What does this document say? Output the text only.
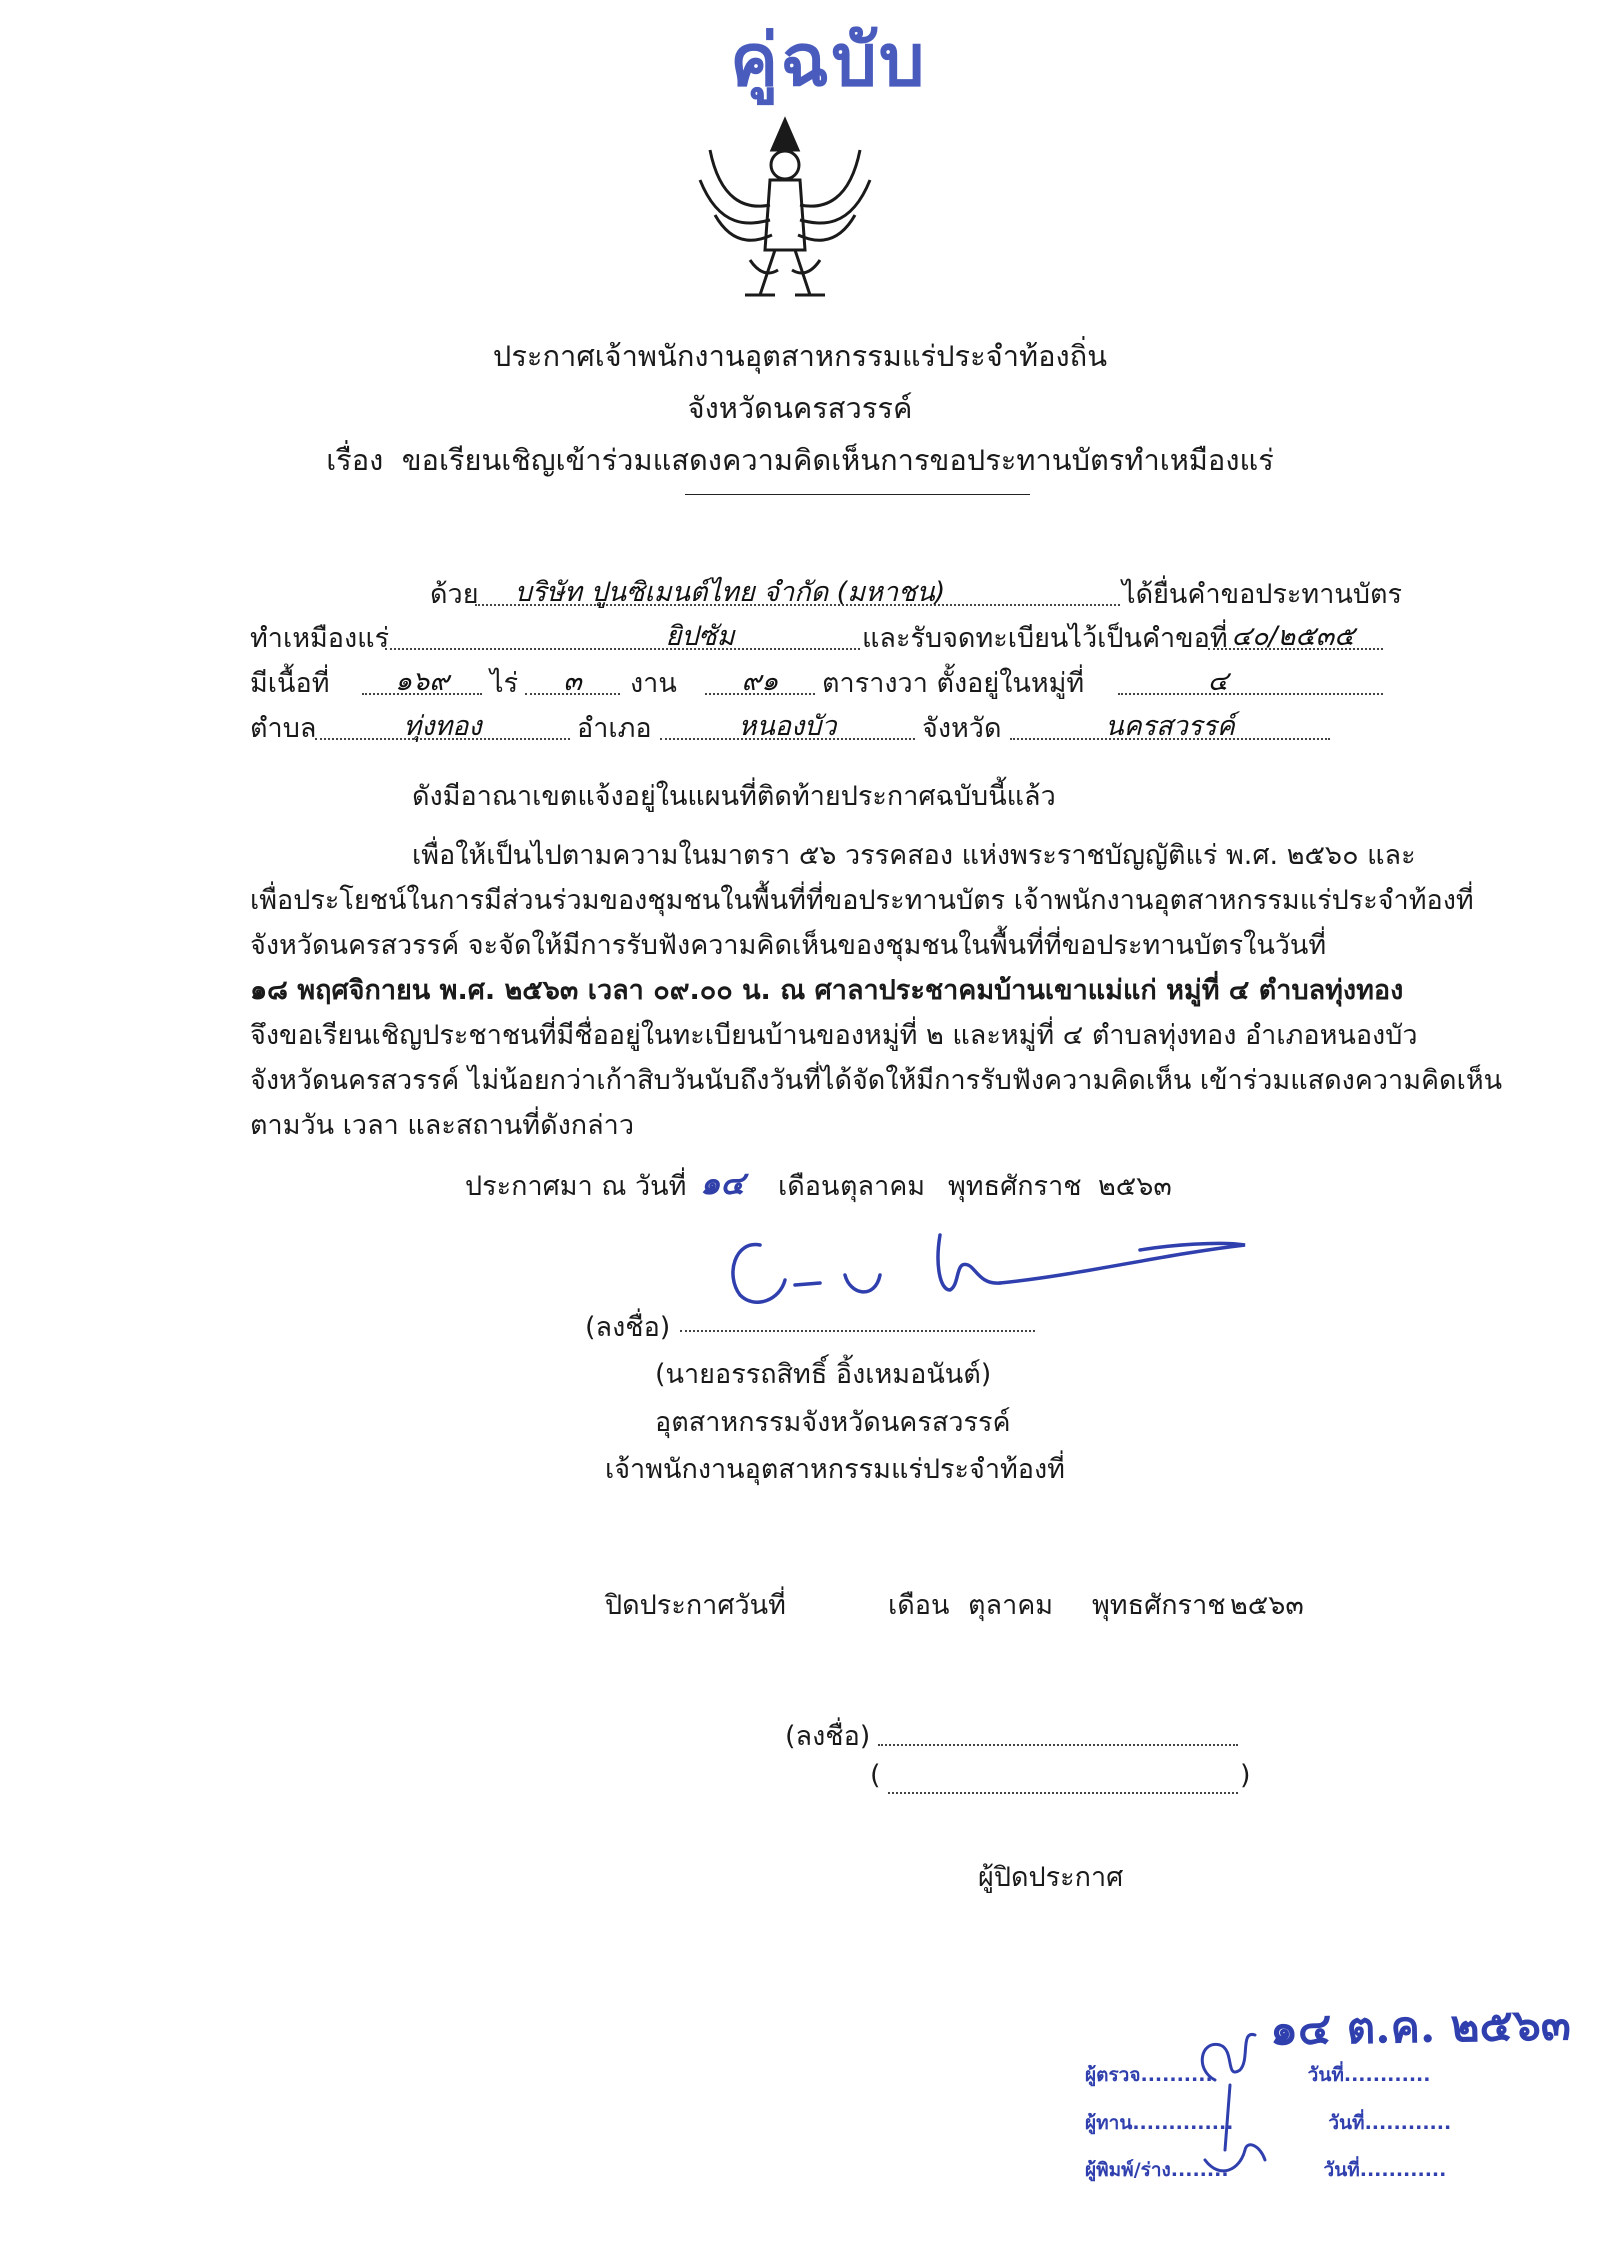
คู่ฉบับ
ประกาศเจ้าพนักงานอุตสาหกรรมแร่ประจำท้องถิ่น
จังหวัดนครสวรรค์
เรื่อง ขอเรียนเชิญเข้าร่วมแสดงความคิดเห็นการขอประทานบัตรทำเหมืองแร่
ด้วย	บริษัท ปูนซิเมนต์ไทย จำกัด (มหาชน)	ได้ยื่นคำขอประทานบัตร
ทำเหมืองแร่	ยิปซัม	และรับจดทะเบียนไว้เป็นคำขอที่ ๔๐/๒๕๓๕
มีเนื้อที่	๑๖๙	ไร่	๓	งาน	๙๑	ตารางวา ตั้งอยู่ในหมู่ที่	๔
ตำบล	ทุ่งทอง	อำเภอ	หนองบัว	จังหวัด	นครสวรรค์
ดังมีอาณาเขตแจ้งอยู่ในแผนที่ติดท้ายประกาศฉบับนี้แล้ว
เพื่อให้เป็นไปตามความในมาตรา ๕๖ วรรคสอง แห่งพระราชบัญญัติแร่ พ.ศ. ๒๕๖๐ และ
เพื่อประโยชน์ในการมีส่วนร่วมของชุมชนในพื้นที่ที่ขอประทานบัตร เจ้าพนักงานอุตสาหกรรมแร่ประจำท้องที่
จังหวัดนครสวรรค์ จะจัดให้มีการรับฟังความคิดเห็นของชุมชนในพื้นที่ที่ขอประทานบัตรในวันที่
๑๘ พฤศจิกายน พ.ศ. ๒๕๖๓ เวลา ๐๙.๐๐ น. ณ ศาลาประชาคมบ้านเขาแม่แก่ หมู่ที่ ๔ ตำบลทุ่งทอง
จึงขอเรียนเชิญประชาชนที่มีชื่ออยู่ในทะเบียนบ้านของหมู่ที่ ๒ และหมู่ที่ ๔ ตำบลทุ่งทอง อำเภอหนองบัว
จังหวัดนครสวรรค์ ไม่น้อยกว่าเก้าสิบวันนับถึงวันที่ได้จัดให้มีการรับฟังความคิดเห็น เข้าร่วมแสดงความคิดเห็น
ตามวัน เวลา และสถานที่ดังกล่าว
ประกาศมา ณ วันที่ ๑๔ เดือน ตุลาคม พุทธศักราช ๒๕๖๓
(ลงชื่อ)
(นายอรรถสิทธิ์ อิ้งเหมอนันต์)
อุตสาหกรรมจังหวัดนครสวรรค์
เจ้าพนักงานอุตสาหกรรมแร่ประจำท้องที่
ปิดประกาศวันที่	เดือน ตุลาคม พุทธศักราช ๒๕๖๓
(ลงชื่อ)
(	)
ผู้ปิดประกาศ
๑๔ ต.ค. ๒๕๖๓
ผู้ตรวจ..........	วันที่............
ผู้ทาน..............	วันที่............
ผู้พิมพ์/ร่าง........	วันที่............
